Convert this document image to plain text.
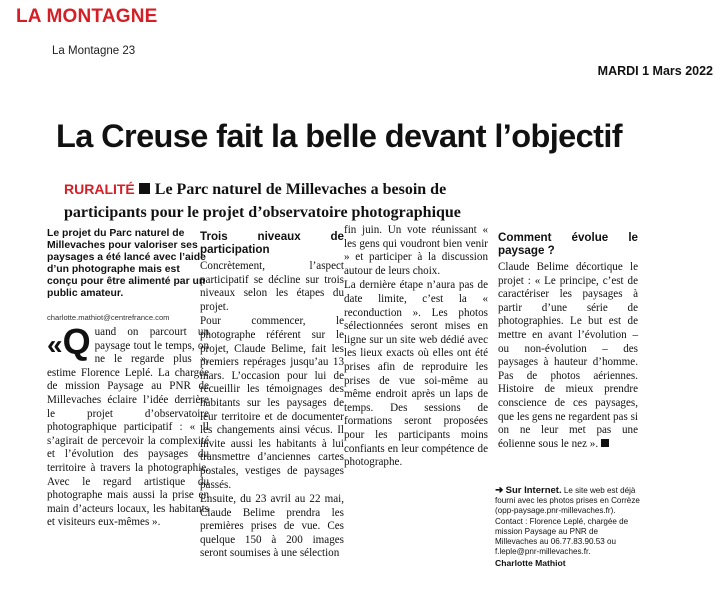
LA MONTAGNE
La Montagne 23
MARDI 1 Mars 2022
La Creuse fait la belle devant l’objectif
RURALITÉ Le Parc naturel de Millevaches a besoin de
participants pour le projet d’observatoire photographique
Le projet du Parc naturel de Millevaches pour valoriser ses paysages a été lancé avec l’aide d’un photographe mais est conçu pour être alimenté par un public amateur.
charlotte.mathiot@centrefrance.com
«Q uand on parcourt un paysage tout le temps, on ne le regarde plus », estime Florence Leplé. La chargée de mission Paysage au PNR de Millevaches éclaire l’idée derrière le projet d’observatoire photographique participatif : « Il s’agirait de percevoir la complexité et l’évolution des paysages du territoire à travers la photographie. Avec le regard artistique du photographe mais aussi la prise en main d’acteurs locaux, les habitants et visiteurs eux-mêmes ».
Trois niveaux de participation

Concrètement, l’aspect participatif se décline sur trois niveaux selon les étapes du projet.

Pour commencer, le photographe référent sur le projet, Claude Belime, fait les premiers repérages jusqu’au 13 mars. L’occasion pour lui de recueillir les témoignages des habitants sur les paysages de leur territoire et de documenter les changements ainsi vécus. Il invite aussi les habitants à lui transmettre d’anciennes cartes postales, vestiges de paysages passés.

Ensuite, du 23 avril au 22 mai, Claude Belime prendra les premières prises de vue. Ces quelque 150 à 200 images seront soumises à une sélection

fin juin. Un vote réunissant « les gens qui voudront bien venir » et participer à la discussion autour de leurs choix.

La dernière étape n’aura pas de date limite, c’est la « reconduction ». Les photos sélectionnées seront mises en ligne sur un site web dédié avec les lieux exacts où elles ont été prises afin de reproduire les prises de vue soi-même au même endroit après un laps de temps. Des sessions de formations seront proposées pour les participants moins confiants en leur compétence de photographe.

Comment évolue le paysage ?

Claude Belime décortique le projet : « Le principe, c’est de caractériser les paysages à partir d’une série de photographies. Le but est de mettre en avant l’évolution – ou non-évolution – des paysages à hauteur d’homme. Pas de photos aériennes. Histoire de mieux prendre conscience de ces paysages, que les gens ne regardent pas si on ne leur met pas une éolienne sous le nez ».

➜ Sur Internet. Le site web est déjà fourni avec les photos prises en Corrèze (opp-paysage.pnr-millevaches.fr). Contact : Florence Leplé, chargée de mission Paysage au PNR de Millevaches au 06.77.83.90.53 ou f.leple@pnr-millevaches.fr.
Charlotte Mathiot
